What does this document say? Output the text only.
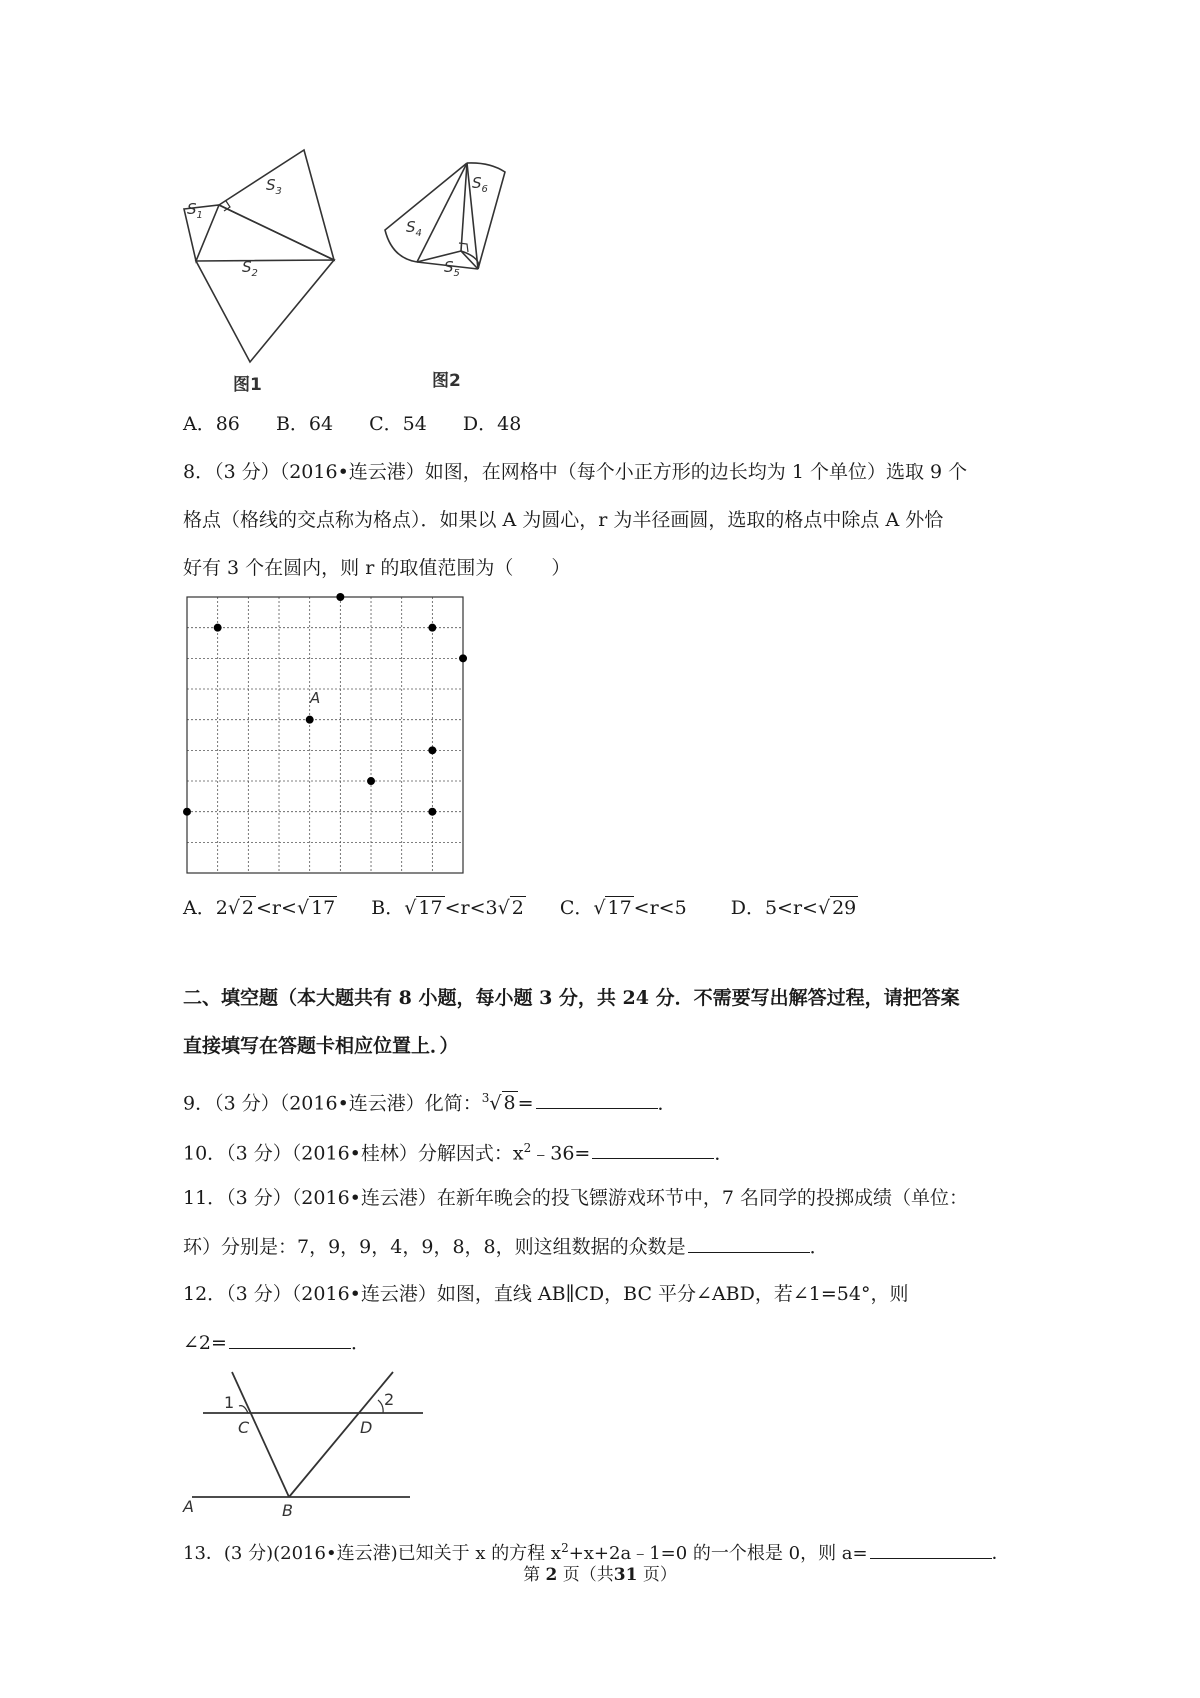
$S_1$
$S_3$
$S_2$
$S_4$
$S_5$
$S_6$
图1	图2
A．86 B．64 C．54 D．48
8．（3 分）（2016•连云港）如图，在网格中（每个小正方形的边长均为 1 个单位）选取 9 个
格点（格线的交点称为格点）．如果以 A 为圆心，r 为半径画圆，选取的格点中除点 A 外恰
好有 3 个在圆内，则 r 的取值范围为（　　）
A
A．2√ 2 <r<√ 17 B．√ 17 <r<3√ 2 C．√ 17 <r<5 D．5<r<√ 29
二、填空题（本大题共有 8 小题，每小题 3 分，共 24 分．不需要写出解答过程，请把答案
直接填写在答题卡相应位置上．）
9．（3 分）（2016•连云港）化简：$^3$√ 8 =	．
10．（3 分）（2016•桂林）分解因式：$x^2﹣36=$	．
11．（3 分）（2016•连云港）在新年晚会的投飞镖游戏环节中，7 名同学的投掷成绩（单位：
环）分别是：7，9，9，4，9，8，8，则这组数据的众数是	．
12．（3 分）（2016•连云港）如图，直线 AB∥CD，BC 平分∠ABD，若∠1=54°，则
∠2=	．
1
C	D
2
A	B
13．(3 分)(2016•连云港)已知关于 x 的方程 $x^2+x+2a﹣1=0$ 的一个根是 0，则 a=	．
第 2 页（共31 页）
